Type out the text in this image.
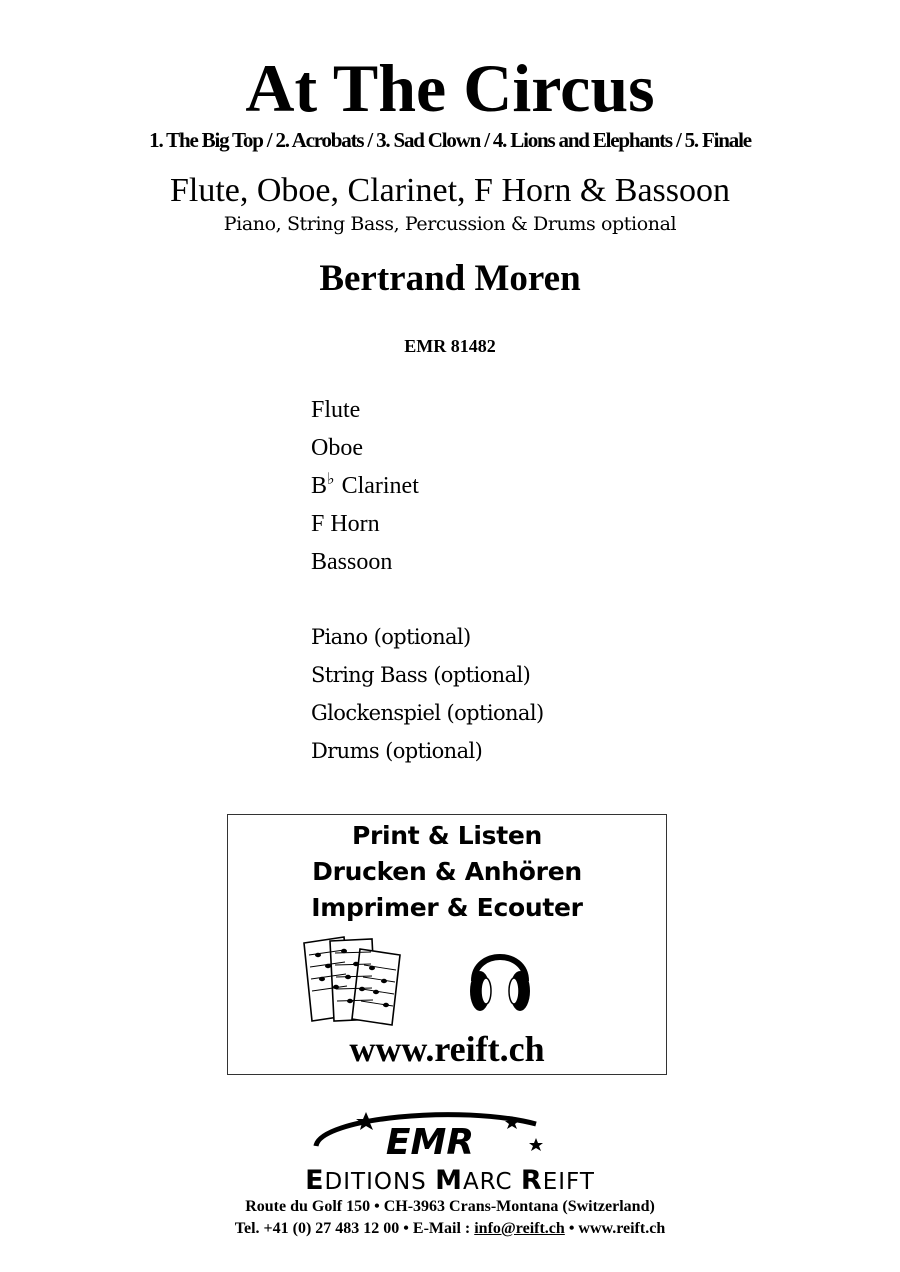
At The Circus
1. The Big Top / 2. Acrobats / 3. Sad Clown / 4. Lions and Elephants / 5. Finale
Flute, Oboe, Clarinet, F Horn & Bassoon
Piano, String Bass, Percussion & Drums optional
Bertrand Moren
EMR 81482
Flute
Oboe
B♭ Clarinet
F Horn
Bassoon
Piano (optional)
String Bass (optional)
Glockenspiel (optional)
Drums (optional)
Print & Listen
Drucken & Anhören
Imprimer & Ecouter
www.reift.ch
EMR
EDITIONS MARC REIFT
Route du Golf 150 • CH-3963 Crans-Montana (Switzerland)
Tel. +41 (0) 27 483 12 00 • E-Mail : info@reift.ch • www.reift.ch
